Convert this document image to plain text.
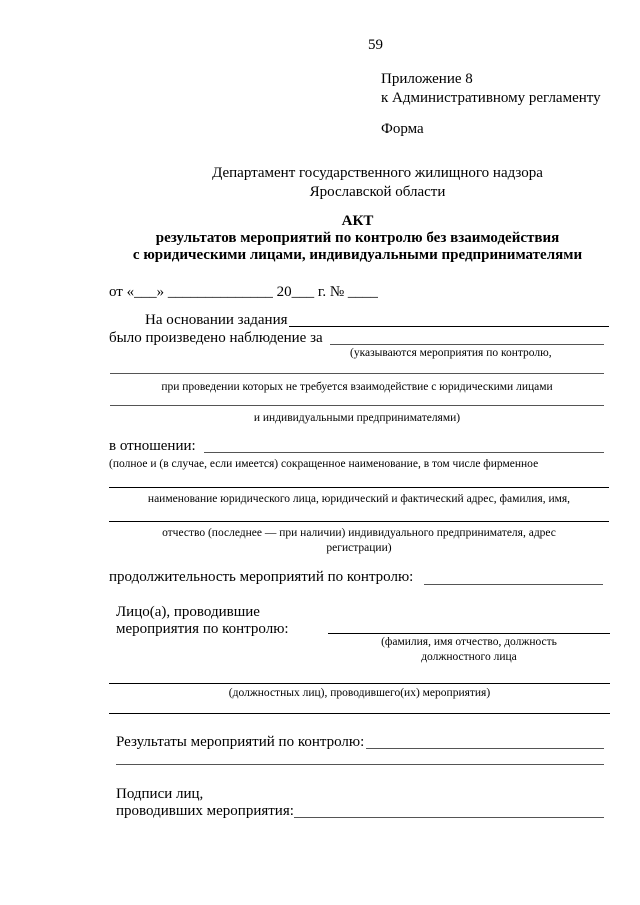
59
Приложение 8
к Административному регламенту
Форма
Департамент государственного жилищного надзора
Ярославской области
АКТ
результатов мероприятий по контролю без взаимодействия
с юридическими лицами, индивидуальными предпринимателями
от «___» ______________ 20___ г. № ____
На основании задания
было произведено наблюдение за
(указываются мероприятия по контролю,
при проведении которых не требуется взаимодействие с юридическими лицами
и индивидуальными предпринимателями)
в отношении:
(полное и (в случае, если имеется) сокращенное наименование, в том числе фирменное
наименование юридического лица, юридический и фактический адрес, фамилия, имя,
отчество (последнее — при наличии) индивидуального предпринимателя, адрес
регистрации)
продолжительность мероприятий по контролю:
Лицо(а), проводившие
мероприятия по контролю:
(фамилия, имя отчество, должность
должностного лица
(должностных лиц), проводившего(их) мероприятия)
Результаты мероприятий по контролю:
Подписи лиц,
проводивших мероприятия:
